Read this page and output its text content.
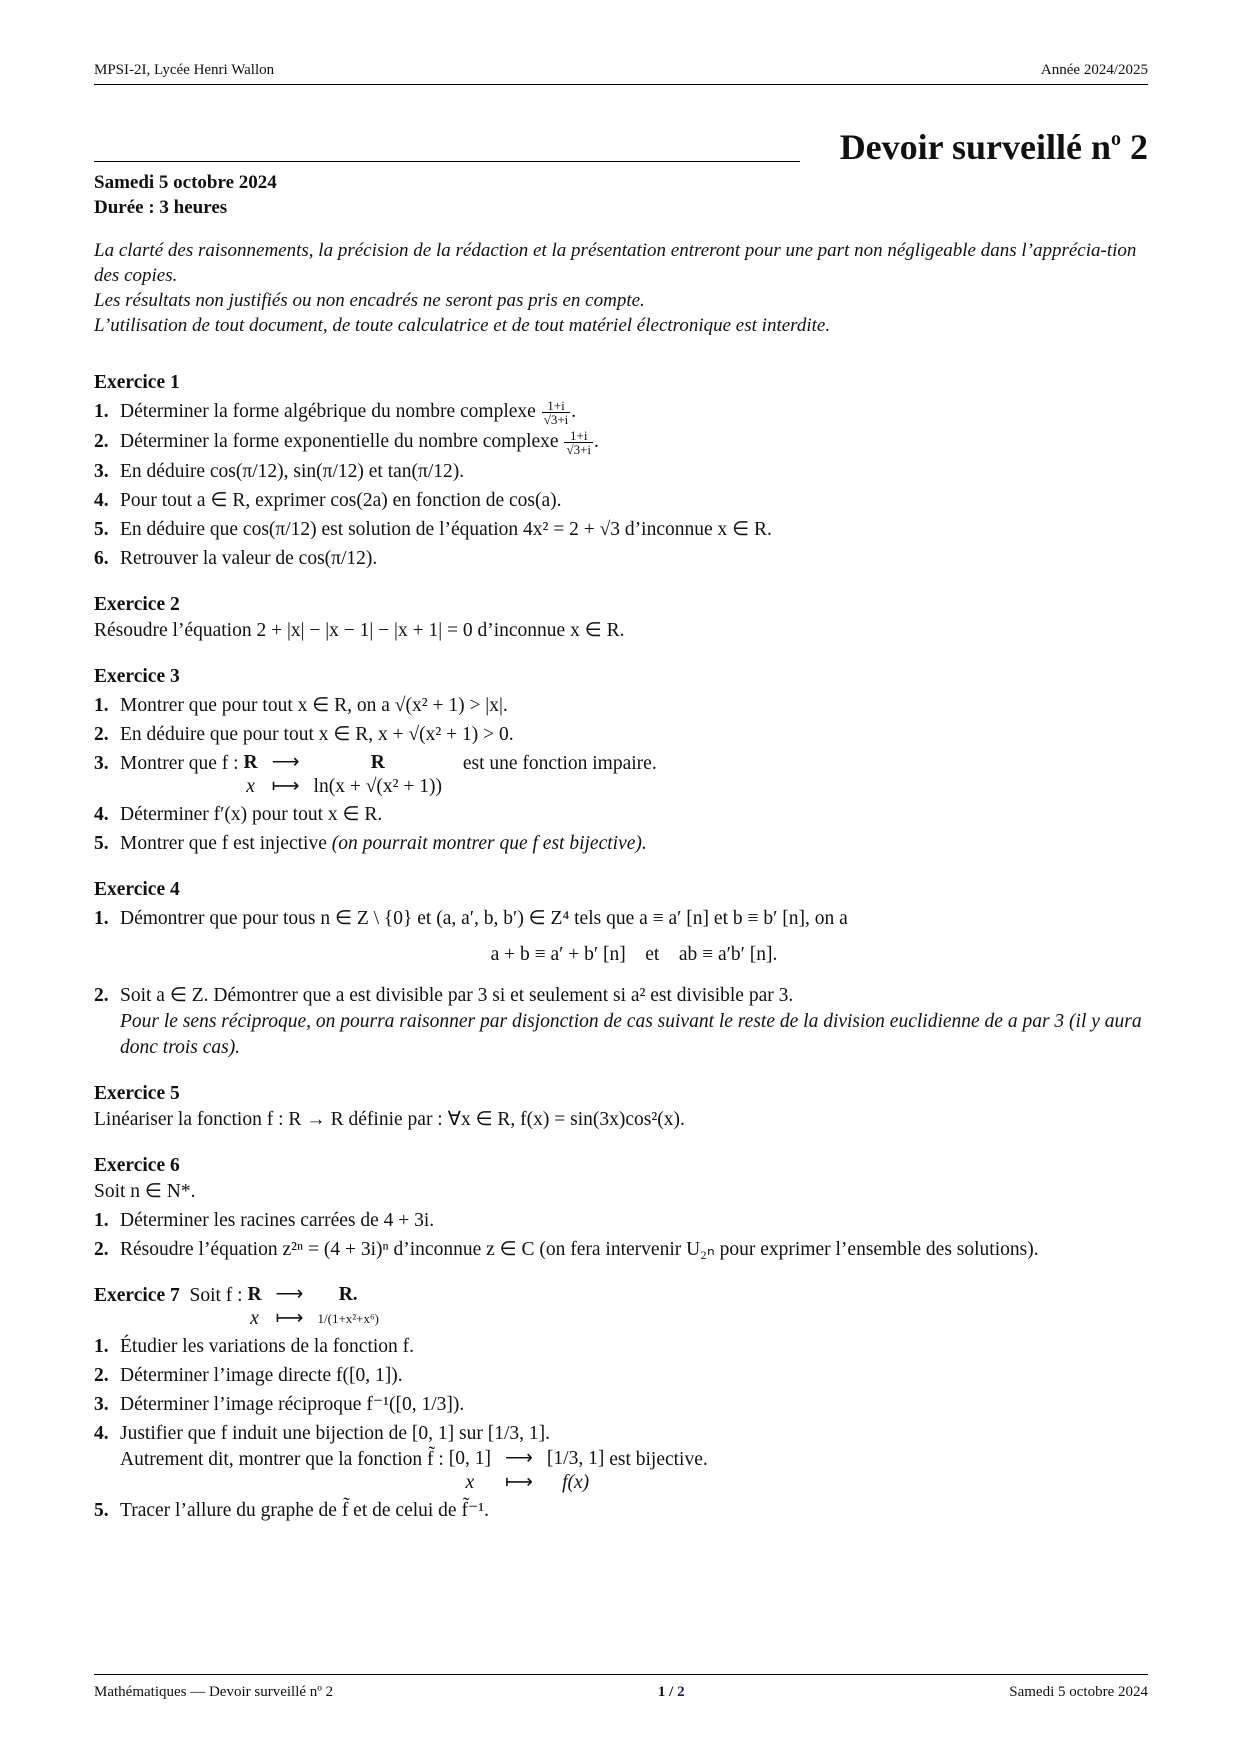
MPSI-2I, Lycée Henri Wallon	Année 2024/2025
Devoir surveillé $n^o$ 2
Samedi 5 octobre 2024
Durée : 3 heures
La clarté des raisonnements, la précision de la rédaction et la présentation entreront pour une part non négligeable dans l’apprécia-tion des copies.
Les résultats non justifiés ou non encadrés ne seront pas pris en compte.
L’utilisation de tout document, de toute calculatrice et de tout matériel électronique est interdite.
Exercice 1
1. Déterminer la forme algébrique du nombre complexe $\frac{1+i}{√3+i}$ .
2. Déterminer la forme exponentielle du nombre complexe $\frac{1+i}{√3+i}$ .
3. En déduire cos(π/12), sin(π/12) et tan(π/12).
4. Pour tout a ∈ R, exprimer cos(2a) en fonction de cos(a).
5. En déduire que cos(π/12) est solution de l’équation 4x² = 2 + √3 d’inconnue x ∈ R.
6. Retrouver la valeur de cos(π/12).
Exercice 2
Résoudre l’équation 2 + |x| − |x − 1| − |x + 1| = 0 d’inconnue x ∈ R.
Exercice 3
1. Montrer que pour tout x ∈ R, on a √(x² + 1) > |x|.
2. En déduire que pour tout x ∈ R, x + √(x² + 1) > 0.
3. Montrer que f : R ⟶	R
x ⟼ ln(x + √(x² + 1))
est une fonction impaire.
4. Déterminer f′(x) pour tout x ∈ R.
5. Montrer que f est injective (on pourrait montrer que f est bijective).
Exercice 4
1. Démontrer que pour tous n ∈ Z \ {0} et (a, a′, b, b′) ∈ Z⁴ tels que a ≡ a′ [n] et b ≡ b′ [n], on a
a + b ≡ a′ + b′ [n]    et    ab ≡ a′b′ [n].
2. Soit a ∈ Z. Démontrer que a est divisible par 3 si et seulement si a² est divisible par 3.
Pour le sens réciproque, on pourra raisonner par disjonction de cas suivant le reste de la division euclidienne de a par 3 (il y aura donc trois cas).
Exercice 5
Linéariser la fonction f : R → R définie par : ∀x ∈ R, f(x) = sin(3x)cos²(x).
Exercice 6
Soit n ∈ N*.
1. Déterminer les racines carrées de 4 + 3i.
2. Résoudre l’équation z²ⁿ = (4 + 3i)ⁿ d’inconnue z ∈ C (on fera intervenir U₂ₙ pour exprimer l’ensemble des solutions).
Exercice 7 Soit f : R ⟶	R.
x ⟼ 1/(1+x²+x⁶)
1. Étudier les variations de la fonction f.
2. Déterminer l’image directe f([0, 1]).
3. Déterminer l’image réciproque f⁻¹([0, 1/3]).
4. Justifier que f induit une bijection de [0, 1] sur [1/3, 1].
Autrement dit, montrer que la fonction f̃ : [0, 1] ⟶ [1/3, 1]
x	⟼	f(x)
est bijective.
5. Tracer l’allure du graphe de f̃ et de celui de f̃⁻¹.
Mathématiques — Devoir surveillé nº 2	1 / 2	Samedi 5 octobre 2024
